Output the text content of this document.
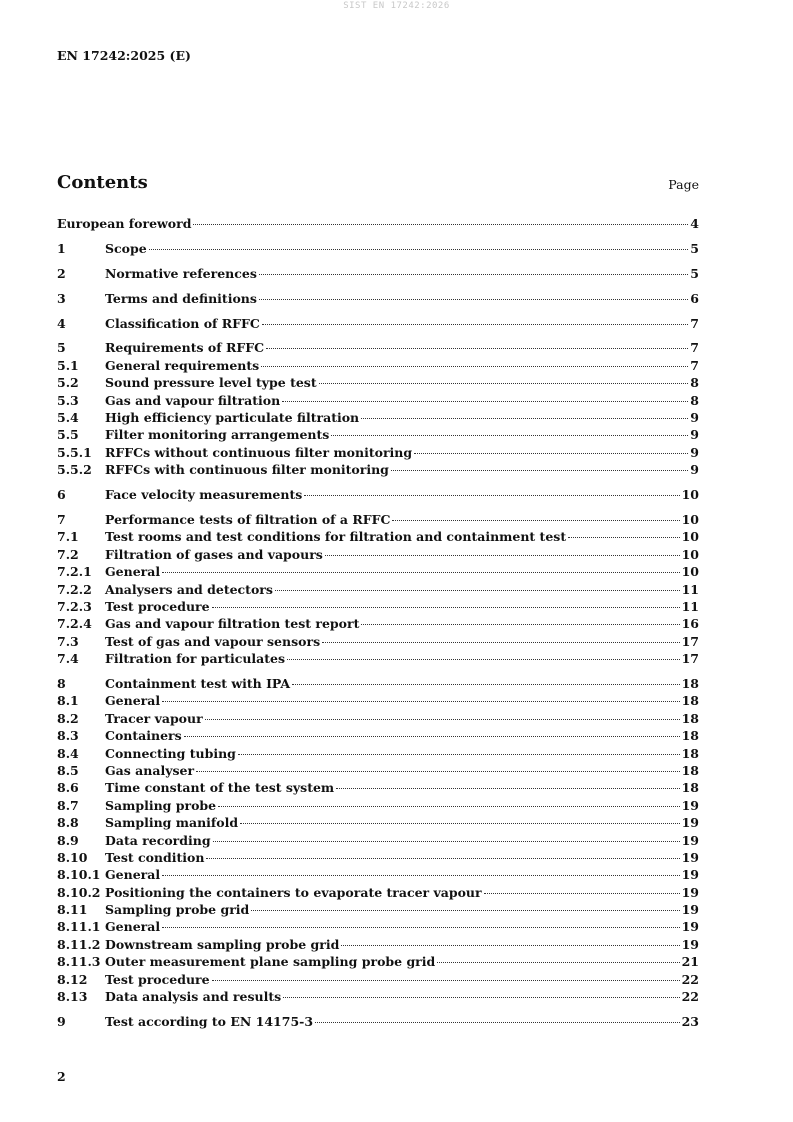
SIST EN 17242:2026
EN 17242:2025 (E)
Contents	Page
European foreword	4
1	Scope	5
2	Normative references	5
3	Terms and definitions	6
4	Classification of RFFC	7
5	Requirements of RFFC	7
5.1	General requirements	7
5.2	Sound pressure level type test	8
5.3	Gas and vapour filtration	8
5.4	High efficiency particulate filtration	9
5.5	Filter monitoring arrangements	9
5.5.1	RFFCs without continuous filter monitoring	9
5.5.2	RFFCs with continuous filter monitoring	9
6	Face velocity measurements	10
7	Performance tests of filtration of a RFFC	10
7.1	Test rooms and test conditions for filtration and containment test	10
7.2	Filtration of gases and vapours	10
7.2.1	General	10
7.2.2	Analysers and detectors	11
7.2.3	Test procedure	11
7.2.4	Gas and vapour filtration test report	16
7.3	Test of gas and vapour sensors	17
7.4	Filtration for particulates	17
8	Containment test with IPA	18
8.1	General	18
8.2	Tracer vapour	18
8.3	Containers	18
8.4	Connecting tubing	18
8.5	Gas analyser	18
8.6	Time constant of the test system	18
8.7	Sampling probe	19
8.8	Sampling manifold	19
8.9	Data recording	19
8.10	Test condition	19
8.10.1 General	19
8.10.2 Positioning the containers to evaporate tracer vapour	19
8.11	Sampling probe grid	19
8.11.1 General	19
8.11.2 Downstream sampling probe grid	19
8.11.3 Outer measurement plane sampling probe grid	21
8.12	Test procedure	22
8.13	Data analysis and results	22
9	Test according to EN 14175-3	23
2
